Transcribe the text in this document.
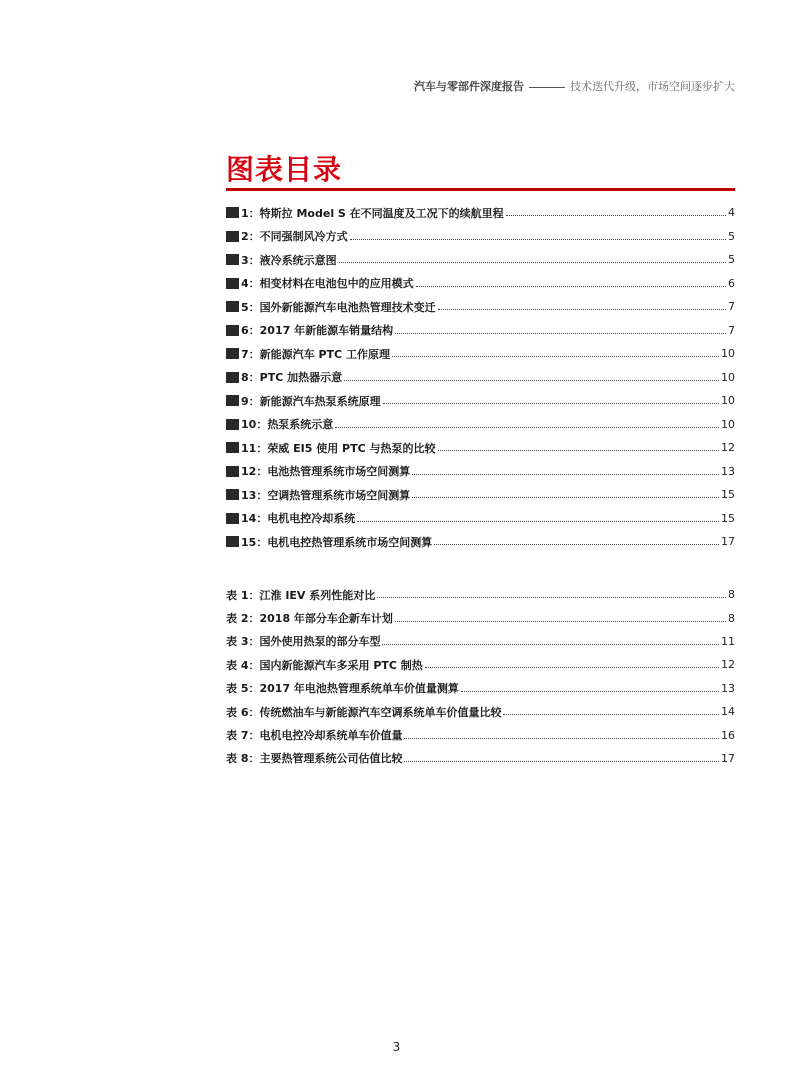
汽车与零部件深度报告	技术迭代升级，市场空间逐步扩大
图表目录
1： 特斯拉 Model S 在不同温度及工况下的续航里程	4
2： 不同强制风冷方式	5
3： 液冷系统示意图	5
4： 相变材料在电池包中的应用模式	6
5： 国外新能源汽车电池热管理技术变迁	7
6： 2017 年新能源车销量结构	7
7： 新能源汽车 PTC 工作原理	10
8： PTC 加热器示意	10
9： 新能源汽车热泵系统原理	10
10： 热泵系统示意	10
11： 荣威 EI5 使用 PTC 与热泵的比较	12
12： 电池热管理系统市场空间测算	13
13： 空调热管理系统市场空间测算	15
14： 电机电控冷却系统	15
15： 电机电控热管理系统市场空间测算	17
表 1： 江淮 IEV 系列性能对比	8
表 2： 2018 年部分车企新车计划	8
表 3： 国外使用热泵的部分车型	11
表 4： 国内新能源汽车多采用 PTC 制热	12
表 5： 2017 年电池热管理系统单车价值量测算	13
表 6： 传统燃油车与新能源汽车空调系统单车价值量比较	14
表 7： 电机电控冷却系统单车价值量	16
表 8： 主要热管理系统公司估值比较	17
3
